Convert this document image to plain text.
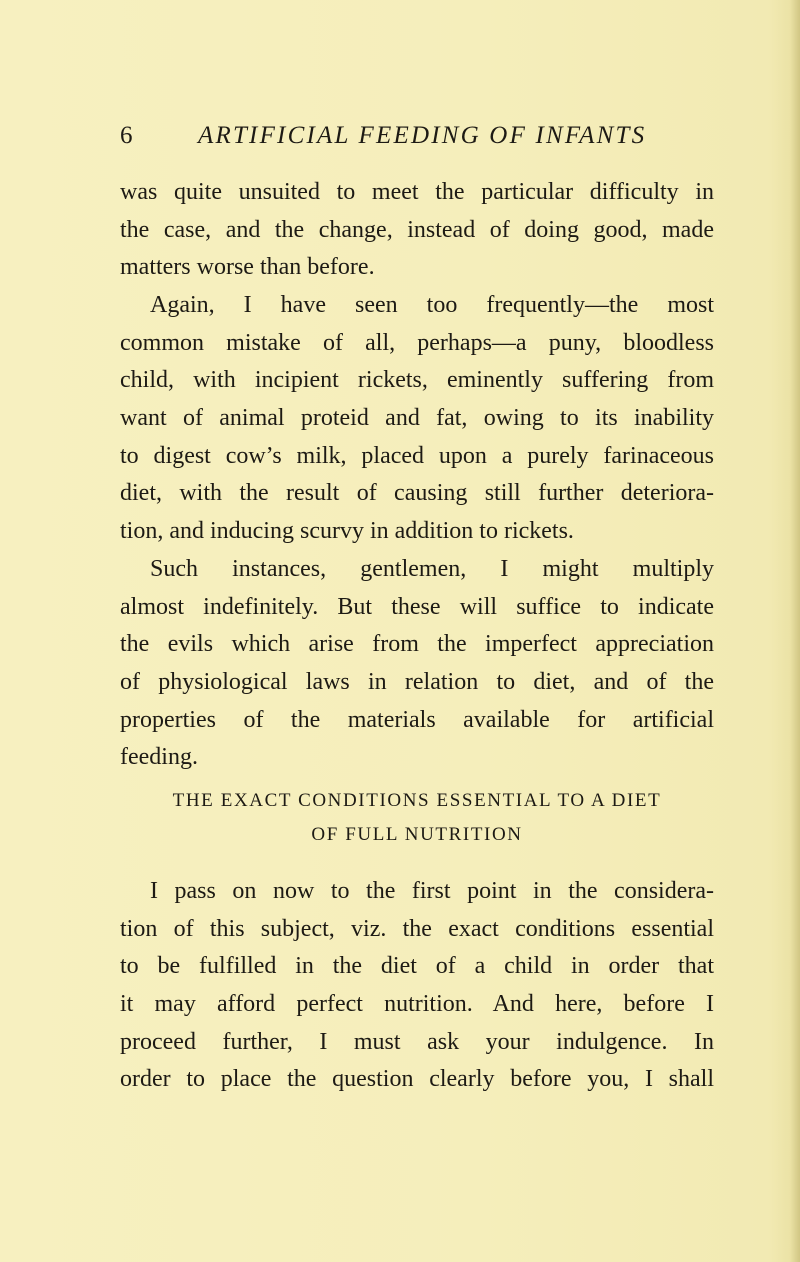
6	ARTIFICIAL FEEDING OF INFANTS
was quite unsuited to meet the particular difficulty in
the case, and the change, instead of doing good, made
matters worse than before.
Again, I have seen too frequently—the most
common mistake of all, perhaps—a puny, bloodless
child, with incipient rickets, eminently suffering from
want of animal proteid and fat, owing to its inability
to digest cow’s milk, placed upon a purely farinaceous
diet, with the result of causing still further deteriora-
tion, and inducing scurvy in addition to rickets.
Such instances, gentlemen, I might multiply
almost indefinitely. But these will suffice to indicate
the evils which arise from the imperfect appreciation
of physiological laws in relation to diet, and of the
properties of the materials available for artificial
feeding.
THE EXACT CONDITIONS ESSENTIAL TO A DIET
OF FULL NUTRITION
I pass on now to the first point in the considera-
tion of this subject, viz. the exact conditions essential
to be fulfilled in the diet of a child in order that
it may afford perfect nutrition. And here, before I
proceed further, I must ask your indulgence. In
order to place the question clearly before you, I shall
